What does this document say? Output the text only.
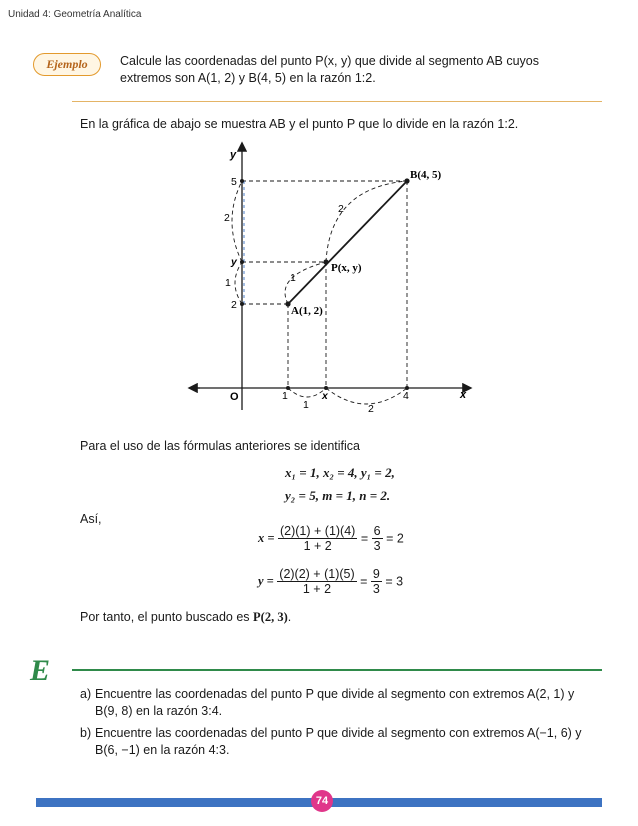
Unidad 4: Geometría Analítica
Ejemplo	Calcule las coordenadas del punto P(x, y) que divide al segmento AB cuyos
extremos son A(1, 2) y B(4, 5) en la razón 1:2.
En la gráfica de abajo se muestra AB y el punto P que lo divide en la razón 1:2.
y
x
O
5
y
2
1	x	4
B(4, 5)
P(x, y)
A(1, 2)
2
1
2
1
1	2
Para el uso de las fórmulas anteriores se identifica
x₁ = 1, x₂ = 4, y₁ = 2,
y₂ = 5, m = 1, n = 2.
Así,
$x = \frac{(2)(1) + (1)(4)}{1 + 2} = \frac{6}{3} = 2$
$y = \frac{(2)(2) + (1)(5)}{1 + 2} = \frac{9}{3} = 3$
Por tanto, el punto buscado es P(2, 3).
E
a) Encuentre las coordenadas del punto P que divide al segmento con extremos A(2, 1) y
B(9, 8) en la razón 3:4.
b) Encuentre las coordenadas del punto P que divide al segmento con extremos A(−1, 6) y
B(6, −1) en la razón 4:3.
74
